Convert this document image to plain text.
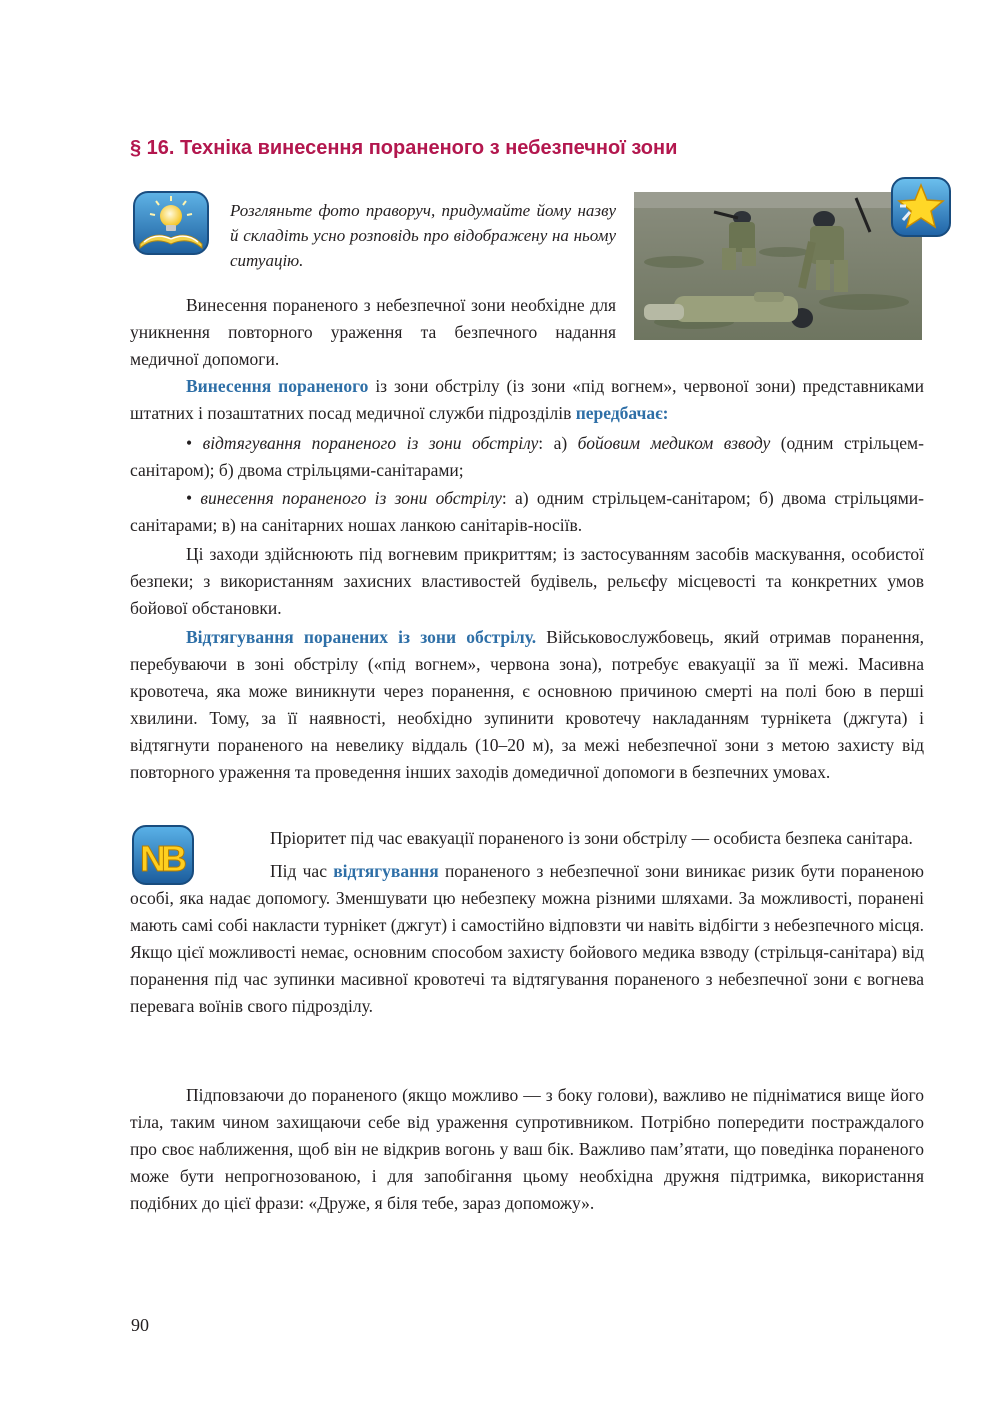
§ 16. Техніка винесення пораненого з небезпечної зони

Розгляньте фото праворуч, придумайте йому назву й складіть усно розповідь про відображену на ньому ситуацію.

Винесення пораненого з небезпечної зони необхідне для уникнення повторного ураження та безпечного надання медичної допомоги.

Винесення пораненого із зони обстрілу (із зони «під вогнем», червоної зони) представниками штатних і позаштатних посад медичної служби підрозділів передбачає:

• відтягування пораненого із зони обстрілу: а) бойовим медиком взводу (одним стрільцем-санітаром); б) двома стрільцями-санітарами;

• винесення пораненого із зони обстрілу: а) одним стрільцем-санітаром; б) двома стрільцями-санітарами; в) на санітарних ношах ланкою санітарів-носіїв.

Ці заходи здійснюють під вогневим прикриттям; із застосуванням засобів маскування, особистої безпеки; з використанням захисних властивостей будівель, рельєфу місцевості та конкретних умов бойової обстановки.

Відтягування поранених із зони обстрілу. Військовослужбовець, який отримав поранення, перебуваючи в зоні обстрілу («під вогнем», червона зона), потребує евакуації за її межі. Масивна кровотеча, яка може виникнути через поранення, є основною причиною смерті на полі бою в перші хвилини. Тому, за її наявності, необхідно зупинити кровотечу накладанням турнікета (джгута) і відтягнути пораненого на невелику віддаль (10–20 м), за межі небезпечної зони з метою захисту від повторного ураження та проведення інших заходів домедичної допомоги в безпечних умовах.

N
B	Пріоритет під час евакуації пораненого із зони обстрілу — особиста безпека санітара.

Під час відтягування пораненого з небезпечної зони виникає ризик бути пораненою особі, яка надає допомогу. Зменшувати цю небезпеку можна різними шляхами. За можливості, поранені мають самі собі накласти турнікет (джгут) і самостійно відповзти чи навіть відбігти з небезпечного місця. Якщо цієї можливості немає, основним способом захисту бойового медика взводу (стрільця-санітара) від поранення під час зупинки масивної кровотечі та відтягування пораненого з небезпечної зони є вогнева перевага воїнів свого підрозділу.

Підповзаючи до пораненого (якщо можливо — з боку голови), важливо не підніматися вище його тіла, таким чином захищаючи себе від ураження супротивником. Потрібно попередити постраждалого про своє наближення, щоб він не відкрив вогонь у ваш бік. Важливо пам’ятати, що поведінка пораненого може бути непрогнозованою, і для запобігання цьому необхідна дружня підтримка, використання подібних до цієї фрази: «Друже, я біля тебе, зараз допоможу».

90
